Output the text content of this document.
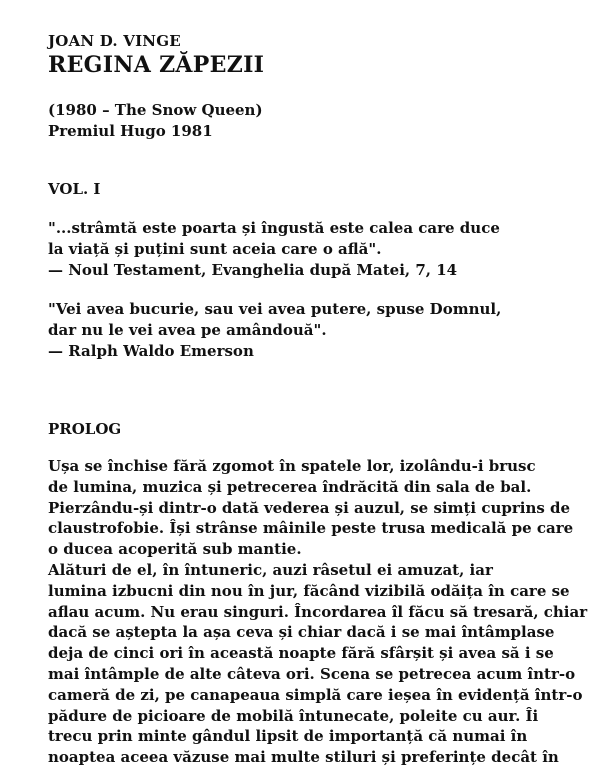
JOAN D. VINGE
REGINA ZĂPEZII
(1980 – The Snow Queen)
Premiul Hugo 1981
VOL. I
"...strâmtă este poarta și îngustă este calea care duce
la viață și puțini sunt aceia care o află".
— Noul Testament, Evanghelia după Matei, 7, 14
"Vei avea bucurie, sau vei avea putere, spuse Domnul,
dar nu le vei avea pe amândouă".
— Ralph Waldo Emerson
PROLOG
Ușa se închise fără zgomot în spatele lor, izolându-i brusc
de lumina, muzica și petrecerea îndrăcită din sala de bal.
Pierzându-și dintr-o dată vederea și auzul, se simți cuprins de
claustrofobie. Își strânse mâinile peste trusa medicală pe care
o ducea acoperită sub mantie.
Alături de el, în întuneric, auzi râsetul ei amuzat, iar
lumina izbucni din nou în jur, făcând vizibilă odăița în care se
aflau acum. Nu erau singuri. Încordarea îl făcu să tresară, chiar
dacă se aștepta la așa ceva și chiar dacă i se mai întâmplase
deja de cinci ori în această noapte fără sfârșit și avea să i se
mai întâmple de alte câteva ori. Scena se petrecea acum într-o
cameră de zi, pe canapeaua simplă care ieșea în evidență într-o
pădure de picioare de mobilă întunecate, poleite cu aur. Îi
trecu prin minte gândul lipsit de importanță că numai în
noaptea aceea văzuse mai multe stiluri și preferințe decât în
